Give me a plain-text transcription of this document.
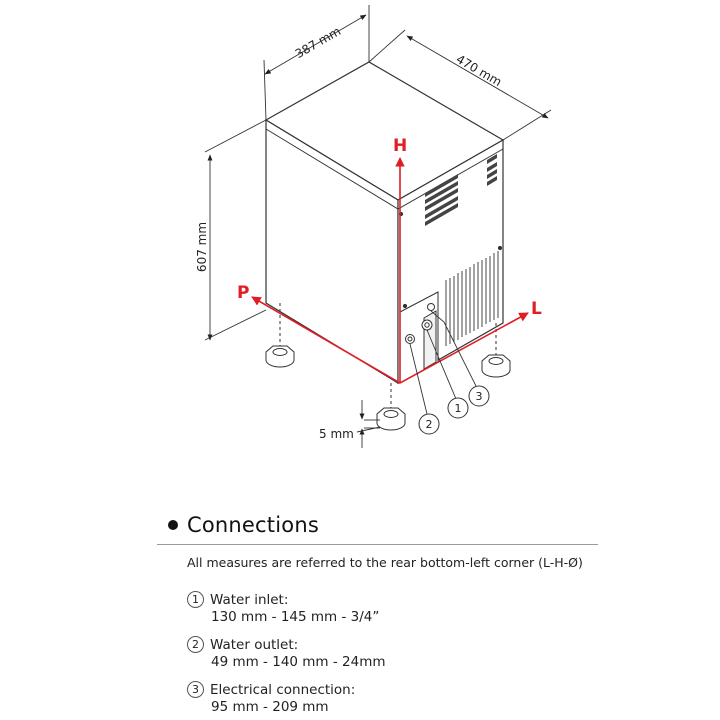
387 mm
470 mm
607 mm
5 mm
H
P
L
1
2
3
Connections
All measures are referred to the rear bottom-left corner (L-H-Ø)
1 Water inlet:
130 mm - 145 mm - 3/4”
2 Water outlet:
49 mm - 140 mm - 24mm
3 Electrical connection:
95 mm - 209 mm
